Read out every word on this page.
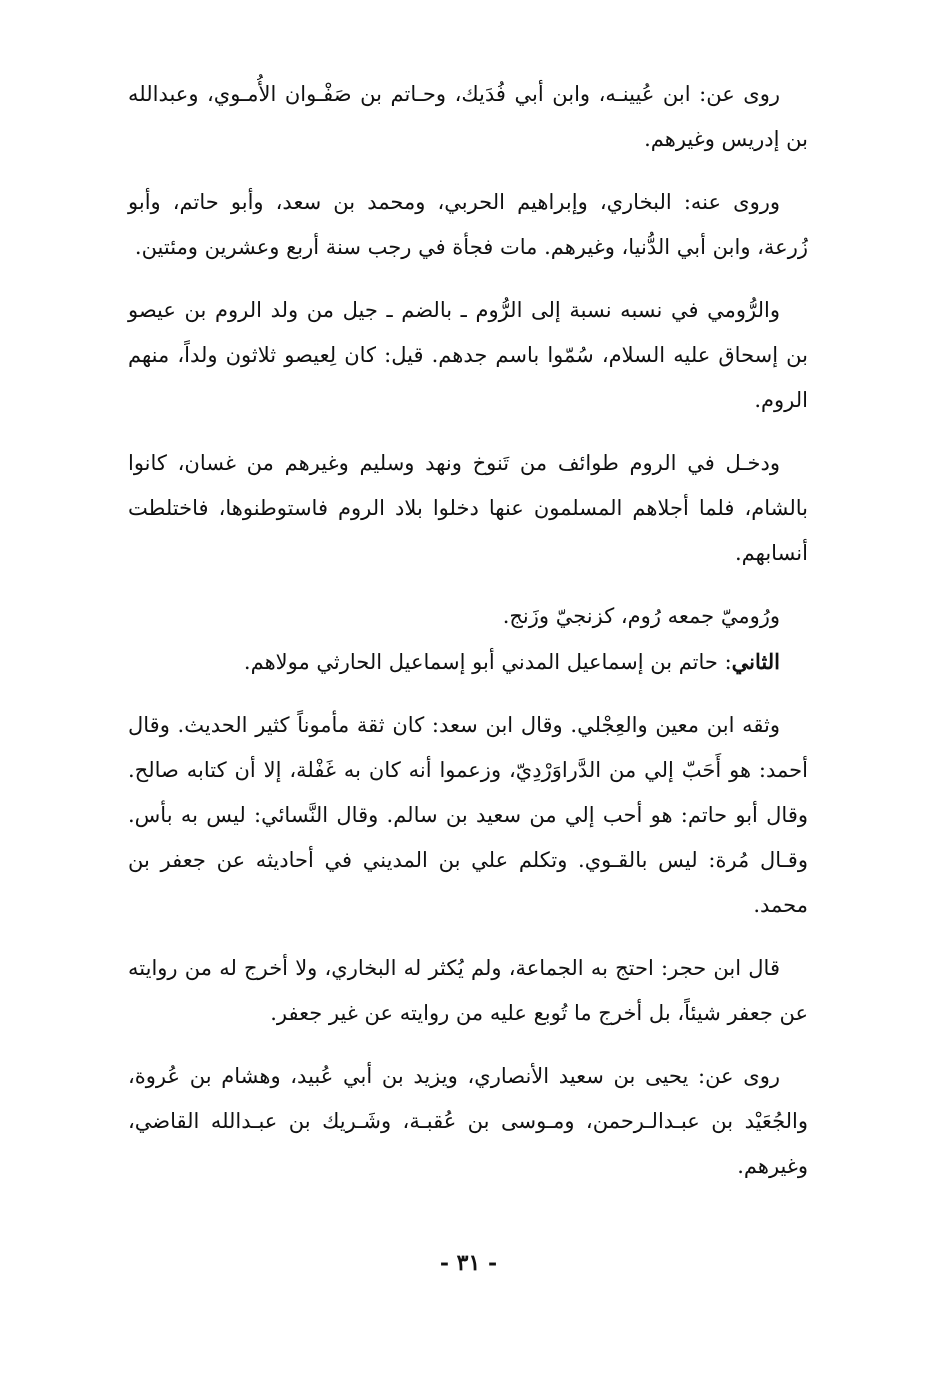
روى عن: ابن عُيينـه، وابن أبي فُدَيك، وحـاتم بن صَفْـوان الأُمـوي، وعبدالله بن إدريس وغيرهم.

وروى عنه: البخاري، وإبراهيم الحربي، ومحمد بن سعد، وأبو حاتم، وأبو زُرعة، وابن أبي الدُّنيا، وغيرهم. مات فجأة في رجب سنة أربع وعشرين ومئتين.

والرُّومي في نسبه نسبة إلى الرُّوم ـ بالضم ـ جيل من ولد الروم بن عيصو بن إسحاق عليه السلام، سُمّوا باسم جدهم. قيل: كان لِعيصو ثلاثون ولداً، منهم الروم.

ودخـل في الروم طوائف من تَنوخ ونهد وسليم وغيرهم من غسان، كانوا بالشام، فلما أجلاهم المسلمون عنها دخلوا بلاد الروم فاستوطنوها، فاختلطت أنسابهم.

ورُوميّ جمعه رُوم، كزنجيّ وزَنج.

الثاني: حاتم بن إسماعيل المدني أبو إسماعيل الحارثي مولاهم.

وثقه ابن معين والعِجْلي. وقال ابن سعد: كان ثقة مأموناً كثير الحديث. وقال أحمد: هو أَحَبّ إلي من الدَّراوَرْدِيّ، وزعموا أنه كان به غَفْلة، إلا أن كتابه صالح. وقال أبو حاتم: هو أحب إلي من سعيد بن سالم. وقال النَّسائي: ليس به بأس. وقـال مُرة: ليس بالقـوي. وتكلم علي بن المديني في أحاديثه عن جعفر بن محمد.

قال ابن حجر: احتج به الجماعة، ولم يُكثر له البخاري، ولا أخرج له من روايته عن جعفر شيئاً، بل أخرج ما تُوبع عليه من روايته عن غير جعفر.

روى عن: يحيى بن سعيد الأنصاري، ويزيد بن أبي عُبيد، وهشام بن عُروة، والجُعَيْد بن عبـدالـرحمن، ومـوسى بن عُقبـة، وشَـريك بن عبـدالله القاضي، وغيرهم.

- ٣١ -
